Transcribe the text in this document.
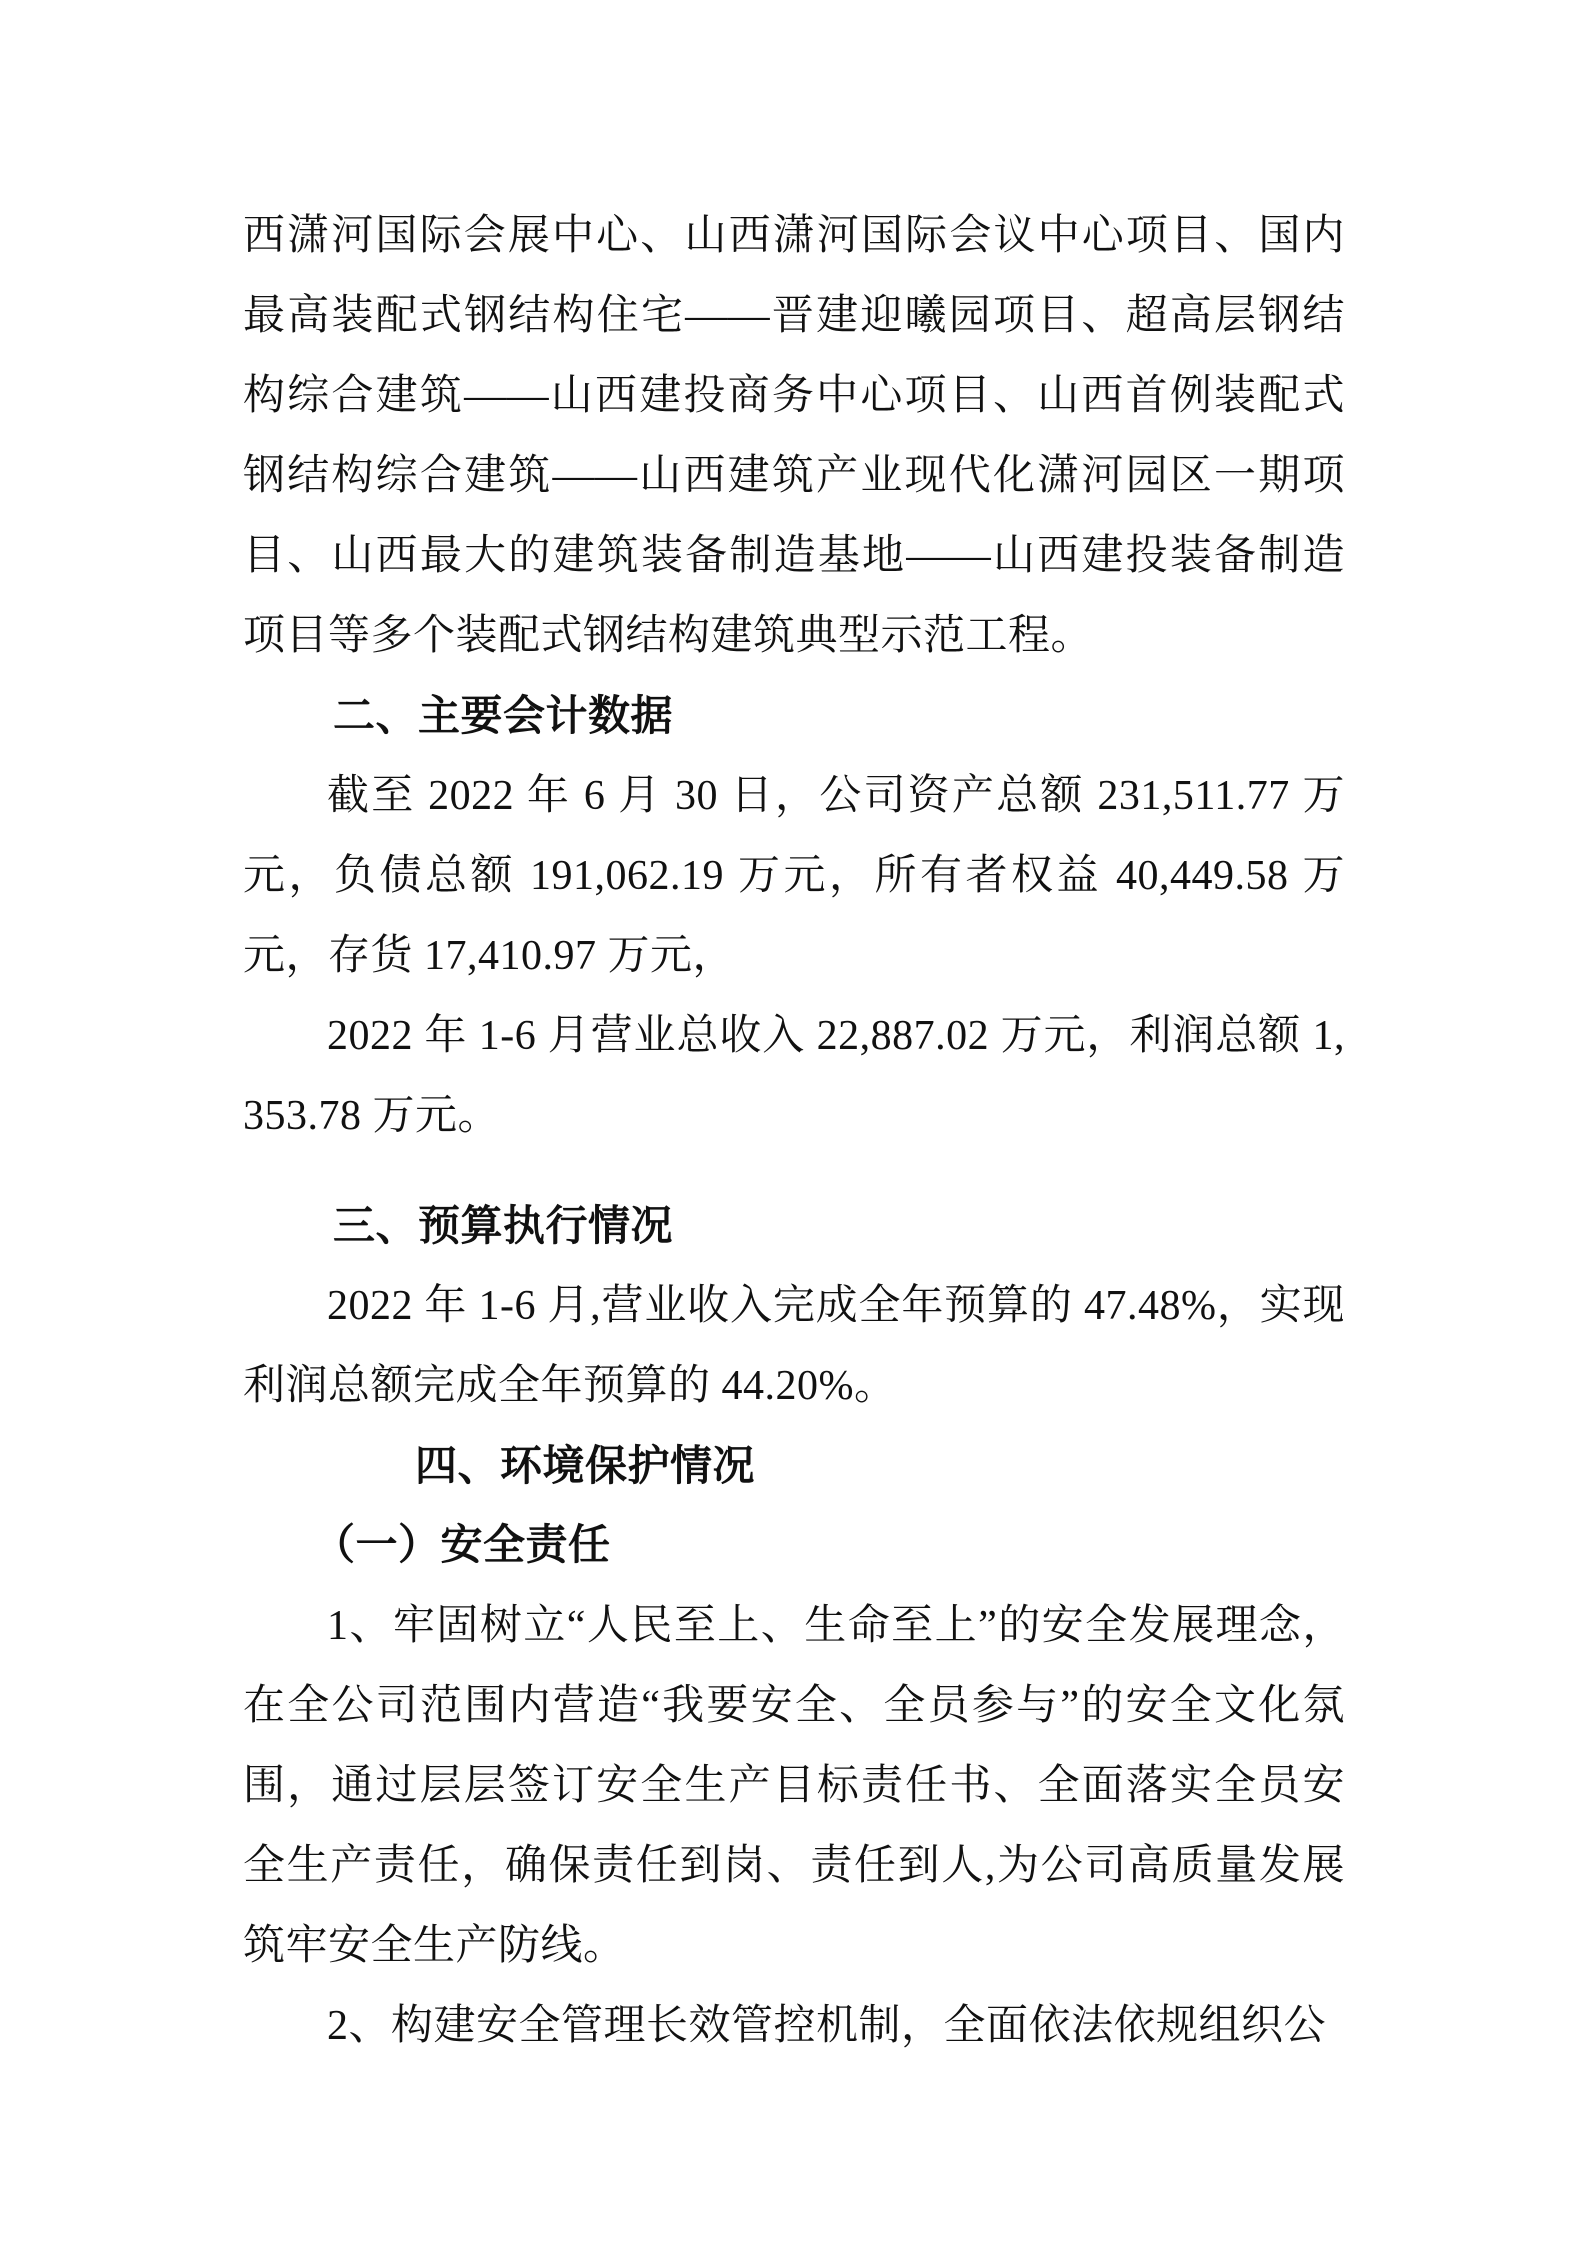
西潇河国际会展中心、山西潇河国际会议中心项目、国内最高装配式钢结构住宅——晋建迎曦园项目、超高层钢结构综合建筑——山西建投商务中心项目、山西首例装配式钢结构综合建筑——山西建筑产业现代化潇河园区一期项目、山西最大的建筑装备制造基地——山西建投装备制造项目等多个装配式钢结构建筑典型示范工程。

二、主要会计数据

截至 2022 年 6 月 30 日，公司资产总额 231,511.77 万元，负债总额 191,062.19 万元，所有者权益 40,449.58 万元，存货 17,410.97 万元，

2022 年 1-6 月营业总收入 22,887.02 万元，利润总额 1,353.78 万元。

三、预算执行情况

2022 年 1-6 月,营业收入完成全年预算的 47.48%，实现利润总额完成全年预算的 44.20%。

四、环境保护情况
（一）安全责任

1、牢固树立“人民至上、生命至上”的安全发展理念，在全公司范围内营造“我要安全、全员参与”的安全文化氛围，通过层层签订安全生产目标责任书、全面落实全员安全生产责任，确保责任到岗、责任到人,为公司高质量发展筑牢安全生产防线。

2、构建安全管理长效管控机制，全面依法依规组织公
